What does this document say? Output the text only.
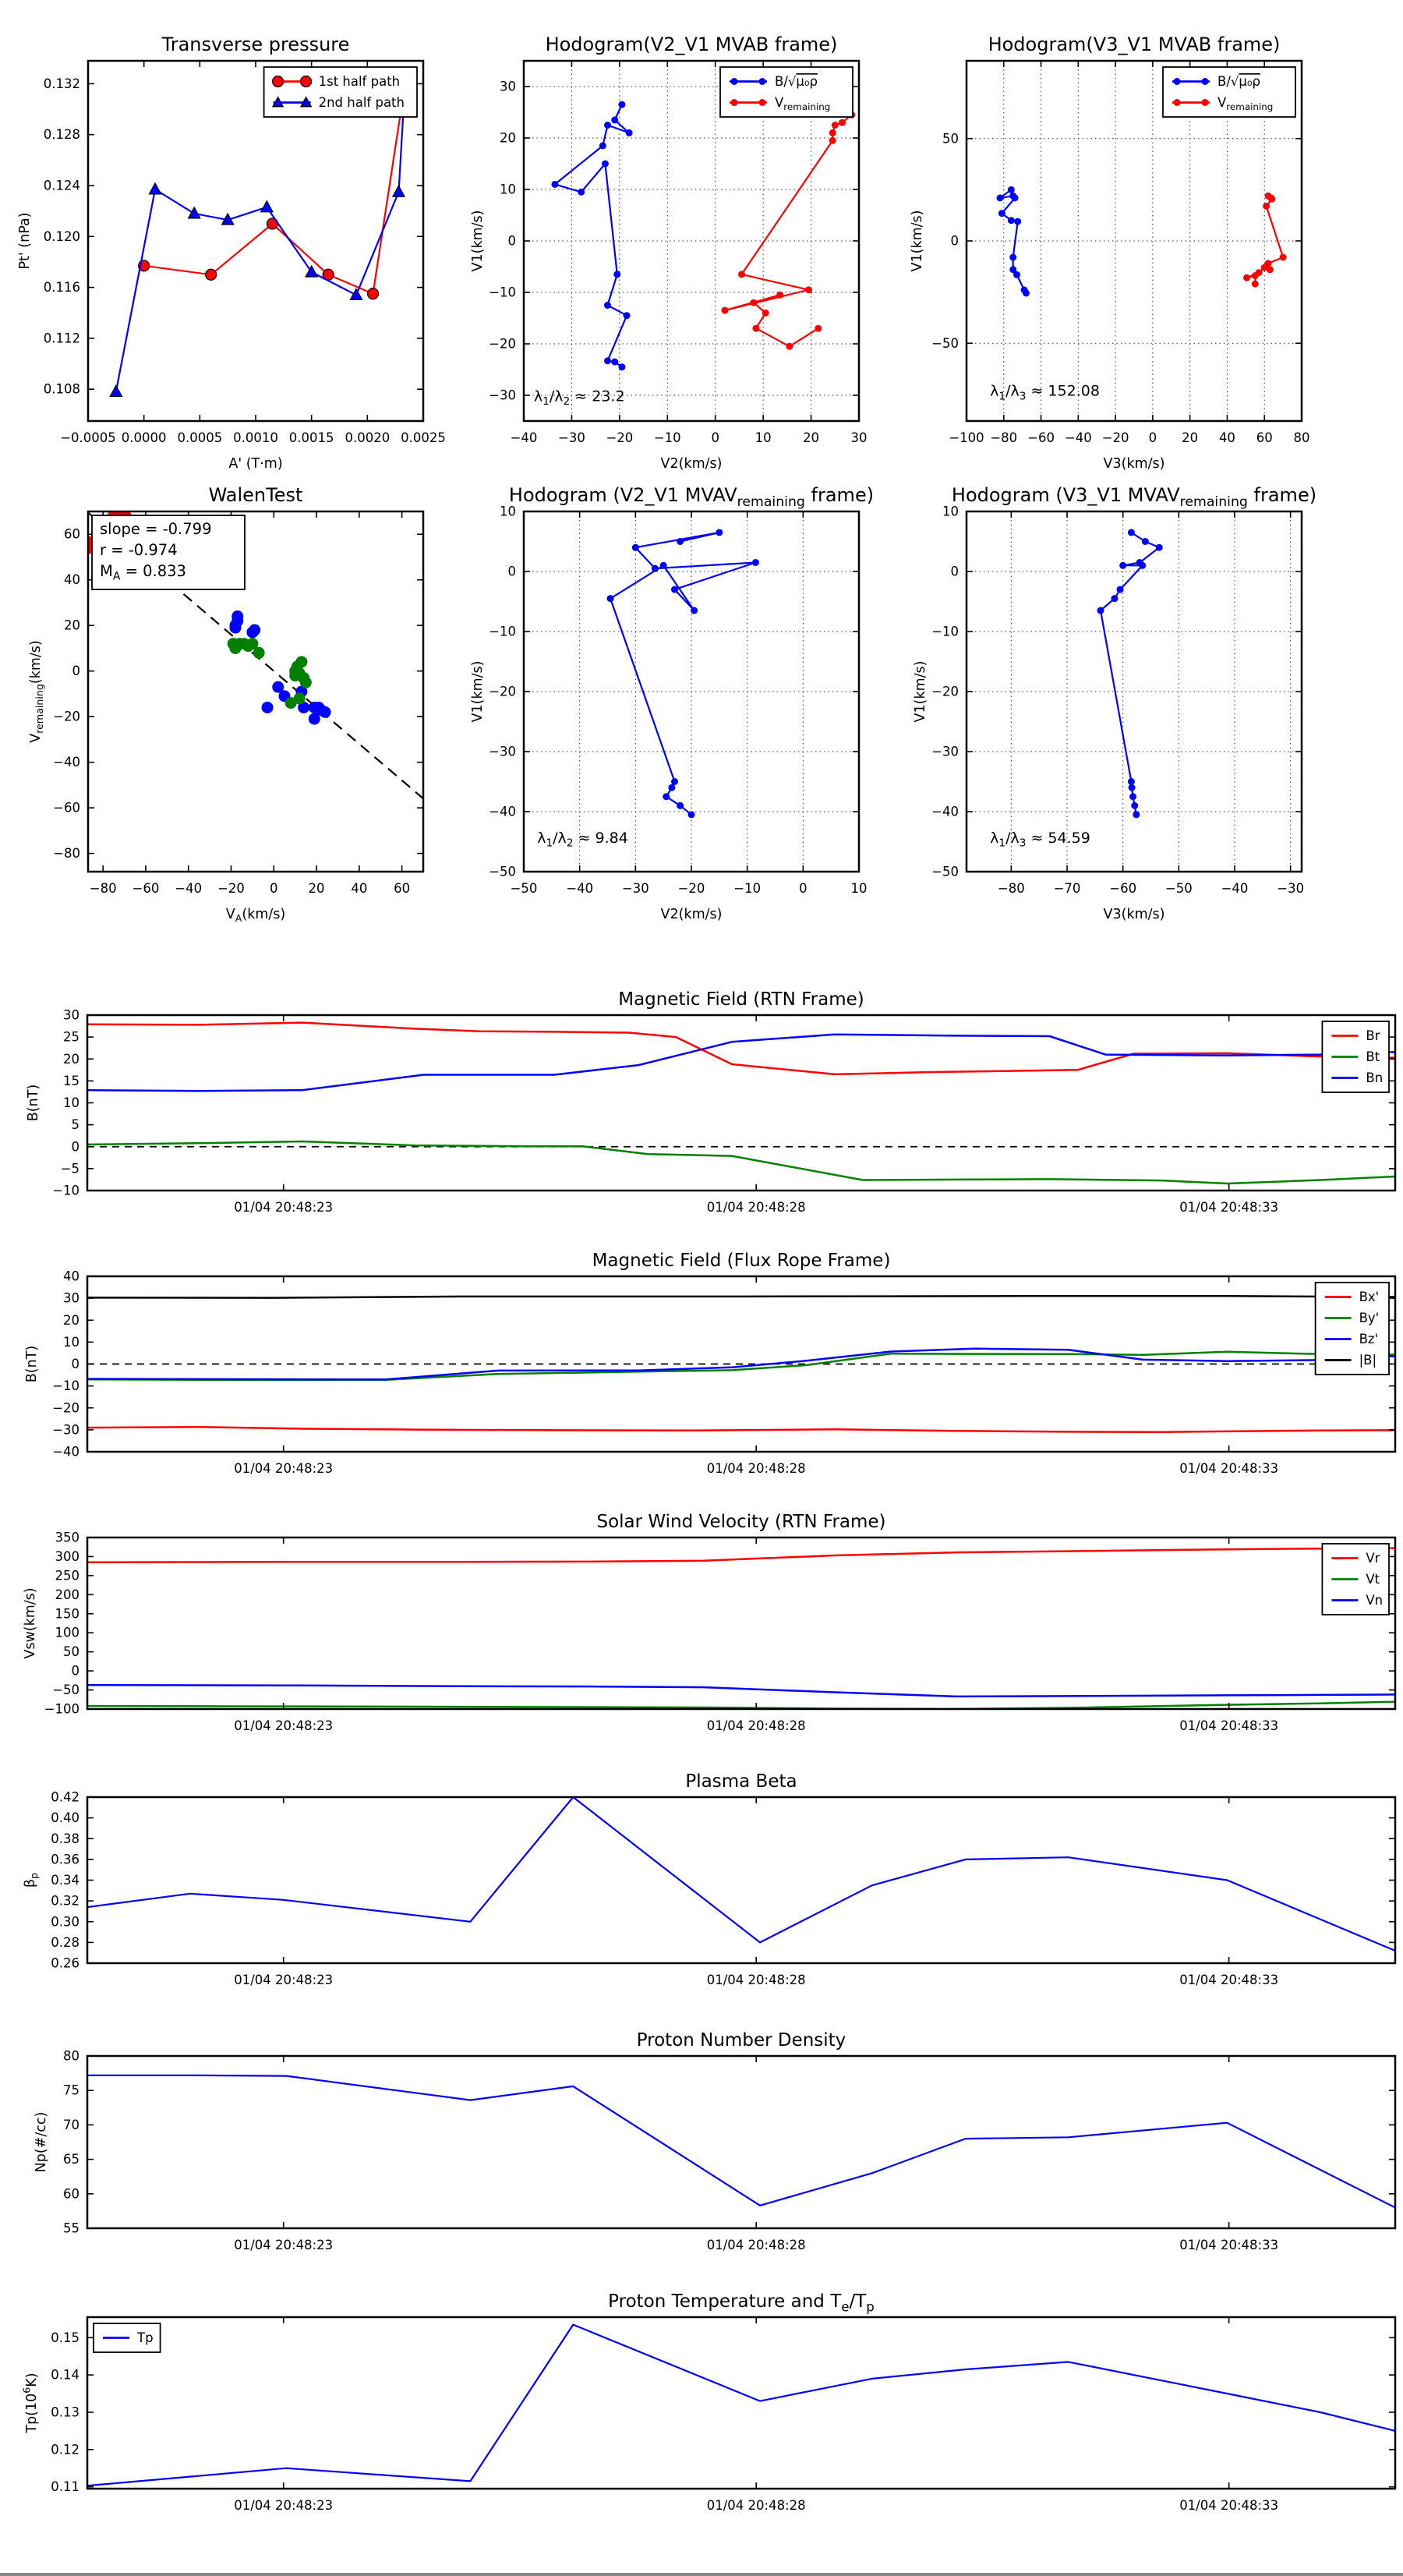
−0.0005 0.0000 0.0005 0.0010 0.0015 0.0020 0.0025
0.108
0.112
0.116
0.120
0.124
0.128
0.132
Transverse pressure
A' (T·m)
Pt' (nPa)
1st half path
2nd half path
−40 −30 −20 −10 0	10 20 30
−30
−20
−10
0
10
20
30
Hodogram(V2_V1 MVAB frame)
V2(km/s)
V1(km/s)
$\lambda_1/\lambda_2 \approx 23.2$
B/√μ₀ρ
$V_{remaining}$
−100 −80 −60 −40 −20 0 20 40 60 80
−50
0
50
Hodogram(V3_V1 MVAB frame)
V3(km/s)
V1(km/s)
$\lambda_1/\lambda_3 \approx 152.08$
B/√μ₀ρ
$V_{remaining}$
−80 −60 −40 −20 0 20 40 60
−80
−60
−40
−20
0
20
40
60
WalenTest
$V_A(km/s)$
$V_{remaining}(km/s)$
slope = -0.799
r = -0.974
$M_A = 0.833$
−50 −40 −30 −20 −10	0	10
10
0
−10
−20
−30
−40
−50
Hodogram (V2_V1 $MVAV_{remaining}$ frame)
V2(km/s)
V1(km/s)
$\lambda_1/\lambda_2 \approx 9.84$
−80 −70 −60 −50 −40 −30
10
0
−10
−20
−30
−40
−50
Hodogram (V3_V1 $MVAV_{remaining}$ frame)
V3(km/s)
V1(km/s)
$\lambda_1/\lambda_3 \approx 54.59$
01/04 20:48:23	01/04 20:48:28	01/04 20:48:33
−10
−5
0
5
10
15
20
25
30
Magnetic Field (RTN Frame)
B(nT)
Br
Bt
Bn
01/04 20:48:23	01/04 20:48:28	01/04 20:48:33
−40
−30
−20
−10
0
10
20
30
40
Magnetic Field (Flux Rope Frame)
B(nT)
Bx'
By'
Bz'
|B|
01/04 20:48:23	01/04 20:48:28	01/04 20:48:33
−100
−50
0
50
100
150
200
250
300
350
Solar Wind Velocity (RTN Frame)
Vsw(km/s)
Vr
Vt
Vn
01/04 20:48:23	01/04 20:48:28	01/04 20:48:33
0.26
0.28
0.30
0.32
0.34
0.36
0.38
0.40
0.42
Plasma Beta
$\beta_p$
01/04 20:48:23	01/04 20:48:28	01/04 20:48:33
55
60
65
70
75
80
Proton Number Density
Np(#/cc)
01/04 20:48:23	01/04 20:48:28	01/04 20:48:33
0.11
0.12
0.13
0.14
0.15
Proton Temperature and $T_e/T_p$
$Tp(10^6K)$
Tp
